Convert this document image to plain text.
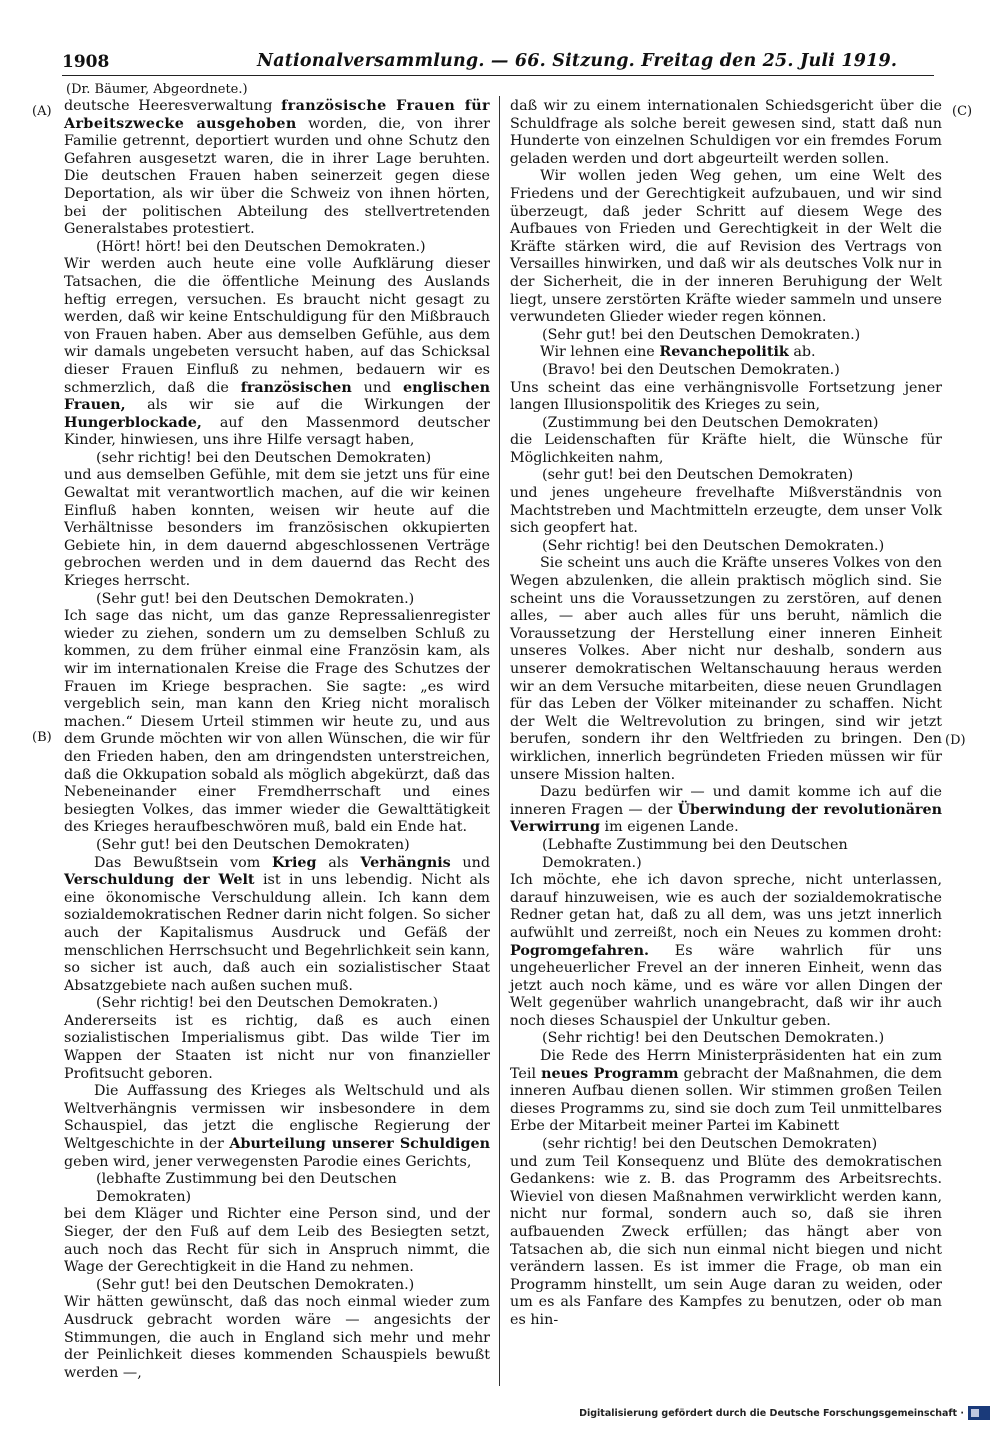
1908	Nationalversammlung. — 66. Sitzung. Freitag den 25. Juli 1919.
(Dr. Bäumer, Abgeordnete.)
(A)
(B)
(C)
(D)

deutsche Heeresverwaltung französische Frauen für Arbeitszwecke ausgehoben worden, die, von ihrer Familie getrennt, deportiert wurden und ohne Schutz den Gefahren ausgesetzt waren, die in ihrer Lage beruhten. Die deutschen Frauen haben seinerzeit gegen diese Deportation, als wir über die Schweiz von ihnen hörten, bei der politischen Abteilung des stellvertretenden Generalstabes protestiert.

(Hört! hört! bei den Deutschen Demokraten.)

Wir werden auch heute eine volle Aufklärung dieser Tatsachen, die die öffentliche Meinung des Auslands heftig erregen, versuchen. Es braucht nicht gesagt zu werden, daß wir keine Entschuldigung für den Mißbrauch von Frauen haben. Aber aus demselben Gefühle, aus dem wir damals ungebeten versucht haben, auf das Schicksal dieser Frauen Einfluß zu nehmen, bedauern wir es schmerzlich, daß die französischen und englischen Frauen, als wir sie auf die Wirkungen der Hungerblockade, auf den Massenmord deutscher Kinder, hinwiesen, uns ihre Hilfe versagt haben,

(sehr richtig! bei den Deutschen Demokraten)

und aus demselben Gefühle, mit dem sie jetzt uns für eine Gewaltat mit verantwortlich machen, auf die wir keinen Einfluß haben konnten, weisen wir heute auf die Verhältnisse besonders im französischen okkupierten Gebiete hin, in dem dauernd abgeschlossenen Verträge gebrochen werden und in dem dauernd das Recht des Krieges herrscht.

(Sehr gut! bei den Deutschen Demokraten.)

Ich sage das nicht, um das ganze Repressalienregister wieder zu ziehen, sondern um zu demselben Schluß zu kommen, zu dem früher einmal eine Französin kam, als wir im internationalen Kreise die Frage des Schutzes der Frauen im Kriege besprachen. Sie sagte: „es wird vergeblich sein, man kann den Krieg nicht moralisch machen.“ Diesem Urteil stimmen wir heute zu, und aus dem Grunde möchten wir von allen Wünschen, die wir für den Frieden haben, den am dringendsten unterstreichen, daß die Okkupation sobald als möglich abgekürzt, daß das Nebeneinander einer Fremdherrschaft und eines besiegten Volkes, das immer wieder die Gewalttätigkeit des Krieges heraufbeschwören muß, bald ein Ende hat.

(Sehr gut! bei den Deutschen Demokraten)

Das Bewußtsein vom Krieg als Verhängnis und Verschuldung der Welt ist in uns lebendig. Nicht als eine ökonomische Verschuldung allein. Ich kann dem sozialdemokratischen Redner darin nicht folgen. So sicher auch der Kapitalismus Ausdruck und Gefäß der menschlichen Herrschsucht und Begehrlichkeit sein kann, so sicher ist auch, daß auch ein sozialistischer Staat Absatzgebiete nach außen suchen muß.

(Sehr richtig! bei den Deutschen Demokraten.)

Andererseits ist es richtig, daß es auch einen sozialistischen Imperialismus gibt. Das wilde Tier im Wappen der Staaten ist nicht nur von finanzieller Profitsucht geboren.

Die Auffassung des Krieges als Weltschuld und als Weltverhängnis vermissen wir insbesondere in dem Schauspiel, das jetzt die englische Regierung der Weltgeschichte in der Aburteilung unserer Schuldigen geben wird, jener verwegensten Parodie eines Gerichts,

(lebhafte Zustimmung bei den Deutschen Demokraten)

bei dem Kläger und Richter eine Person sind, und der Sieger, der den Fuß auf dem Leib des Besiegten setzt, auch noch das Recht für sich in Anspruch nimmt, die Wage der Gerechtigkeit in die Hand zu nehmen.

(Sehr gut! bei den Deutschen Demokraten.)

Wir hätten gewünscht, daß das noch einmal wieder zum Ausdruck gebracht worden wäre — angesichts der Stimmungen, die auch in England sich mehr und mehr der Peinlichkeit dieses kommenden Schauspiels bewußt werden —,

daß wir zu einem internationalen Schiedsgericht über die Schuldfrage als solche bereit gewesen sind, statt daß nun Hunderte von einzelnen Schuldigen vor ein fremdes Forum geladen werden und dort abgeurteilt werden sollen.

Wir wollen jeden Weg gehen, um eine Welt des Friedens und der Gerechtigkeit aufzubauen, und wir sind überzeugt, daß jeder Schritt auf diesem Wege des Aufbaues von Frieden und Gerechtigkeit in der Welt die Kräfte stärken wird, die auf Revision des Vertrags von Versailles hinwirken, und daß wir als deutsches Volk nur in der Sicherheit, die in der inneren Beruhigung der Welt liegt, unsere zerstörten Kräfte wieder sammeln und unsere verwundeten Glieder wieder regen können.

(Sehr gut! bei den Deutschen Demokraten.)

Wir lehnen eine Revanchepolitik ab.

(Bravo! bei den Deutschen Demokraten.)

Uns scheint das eine verhängnisvolle Fortsetzung jener langen Illusionspolitik des Krieges zu sein,

(Zustimmung bei den Deutschen Demokraten)

die Leidenschaften für Kräfte hielt, die Wünsche für Möglichkeiten nahm,

(sehr gut! bei den Deutschen Demokraten)

und jenes ungeheure frevelhafte Mißverständnis von Machtstreben und Machtmitteln erzeugte, dem unser Volk sich geopfert hat.

(Sehr richtig! bei den Deutschen Demokraten.)

Sie scheint uns auch die Kräfte unseres Volkes von den Wegen abzulenken, die allein praktisch möglich sind. Sie scheint uns die Voraussetzungen zu zerstören, auf denen alles, — aber auch alles für uns beruht, nämlich die Voraussetzung der Herstellung einer inneren Einheit unseres Volkes. Aber nicht nur deshalb, sondern aus unserer demokratischen Weltanschauung heraus werden wir an dem Versuche mitarbeiten, diese neuen Grundlagen für das Leben der Völker miteinander zu schaffen. Nicht der Welt die Weltrevolution zu bringen, sind wir jetzt berufen, sondern ihr den Weltfrieden zu bringen. Den wirklichen, innerlich begründeten Frieden müssen wir für unsere Mission halten.

Dazu bedürfen wir — und damit komme ich auf die inneren Fragen — der Überwindung der revolutionären Verwirrung im eigenen Lande.

(Lebhafte Zustimmung bei den Deutschen Demokraten.)

Ich möchte, ehe ich davon spreche, nicht unterlassen, darauf hinzuweisen, wie es auch der sozialdemokratische Redner getan hat, daß zu all dem, was uns jetzt innerlich aufwühlt und zerreißt, noch ein Neues zu kommen droht: Pogromgefahren. Es wäre wahrlich für uns ungeheuerlicher Frevel an der inneren Einheit, wenn das jetzt auch noch käme, und es wäre vor allen Dingen der Welt gegenüber wahrlich unangebracht, daß wir ihr auch noch dieses Schauspiel der Unkultur geben.

(Sehr richtig! bei den Deutschen Demokraten.)

Die Rede des Herrn Ministerpräsidenten hat ein zum Teil neues Programm gebracht der Maßnahmen, die dem inneren Aufbau dienen sollen. Wir stimmen großen Teilen dieses Programms zu, sind sie doch zum Teil unmittelbares Erbe der Mitarbeit meiner Partei im Kabinett

(sehr richtig! bei den Deutschen Demokraten)

und zum Teil Konsequenz und Blüte des demokratischen Gedankens: wie z. B. das Programm des Arbeitsrechts. Wieviel von diesen Maßnahmen verwirklicht werden kann, nicht nur formal, sondern auch so, daß sie ihren aufbauenden Zweck erfüllen; das hängt aber von Tatsachen ab, die sich nun einmal nicht biegen und nicht verändern lassen. Es ist immer die Frage, ob man ein Programm hinstellt, um sein Auge daran zu weiden, oder um es als Fanfare des Kampfes zu benutzen, oder ob man es hin-

Digitalisierung gefördert durch die Deutsche Forschungsgemeinschaft ·
